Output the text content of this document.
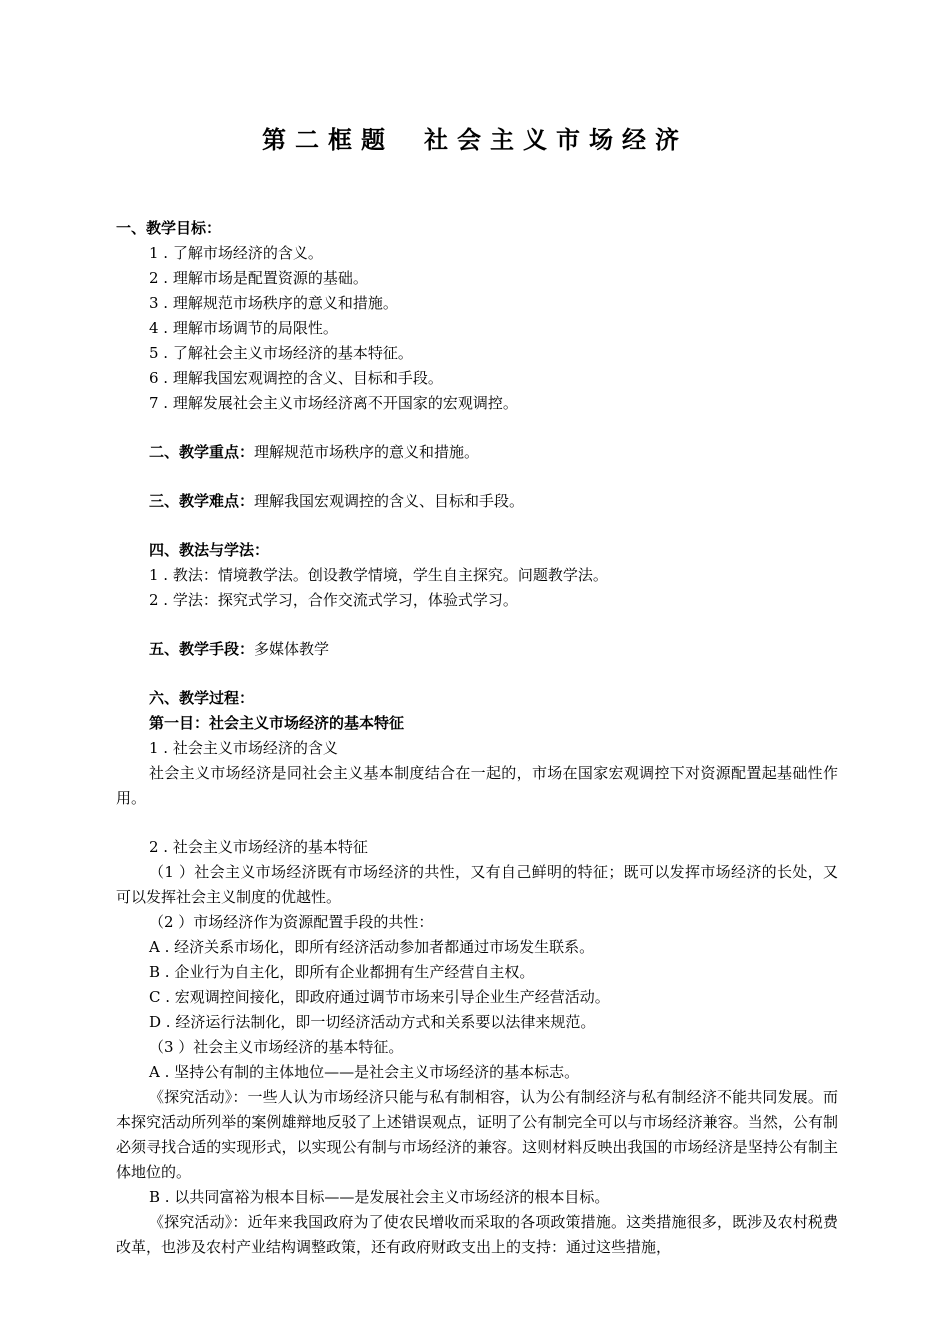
第二框题 社会主义市场经济

一、教学目标：

1 . 了解市场经济的含义。

2 . 理解市场是配置资源的基础。

3 . 理解规范市场秩序的意义和措施。

4 . 理解市场调节的局限性。

5 . 了解社会主义市场经济的基本特征。

6 . 理解我国宏观调控的含义、目标和手段。

7 . 理解发展社会主义市场经济离不开国家的宏观调控。

二、教学重点：理解规范市场秩序的意义和措施。

三、教学难点：理解我国宏观调控的含义、目标和手段。

四、教法与学法：

1 . 教法：情境教学法。创设教学情境，学生自主探究。问题教学法。

2 . 学法：探究式学习，合作交流式学习，体验式学习。

五、教学手段：多媒体教学

六、教学过程：

第一目：社会主义市场经济的基本特征

1 . 社会主义市场经济的含义

社会主义市场经济是同社会主义基本制度结合在一起的，市场在国家宏观调控下对资源配置起基础性作用。

2 . 社会主义市场经济的基本特征

（1 ）社会主义市场经济既有市场经济的共性，又有自己鲜明的特征；既可以发挥市场经济的长处，又可以发挥社会主义制度的优越性。

（2 ）市场经济作为资源配置手段的共性：

A . 经济关系市场化，即所有经济活动参加者都通过市场发生联系。

B . 企业行为自主化，即所有企业都拥有生产经营自主权。

C . 宏观调控间接化，即政府通过调节市场来引导企业生产经营活动。

D . 经济运行法制化，即一切经济活动方式和关系要以法律来规范。

（3 ）社会主义市场经济的基本特征。

A . 坚持公有制的主体地位——是社会主义市场经济的基本标志。

《探究活动》：一些人认为市场经济只能与私有制相容，认为公有制经济与私有制经济不能共同发展。而本探究活动所列举的案例雄辩地反驳了上述错误观点，证明了公有制完全可以与市场经济兼容。当然，公有制必须寻找合适的实现形式，以实现公有制与市场经济的兼容。这则材料反映出我国的市场经济是坚持公有制主体地位的。

B . 以共同富裕为根本目标——是发展社会主义市场经济的根本目标。

《探究活动》：近年来我国政府为了使农民增收而采取的各项政策措施。这类措施很多，既涉及农村税费改革，也涉及农村产业结构调整政策，还有政府财政支出上的支持：通过这些措施，
